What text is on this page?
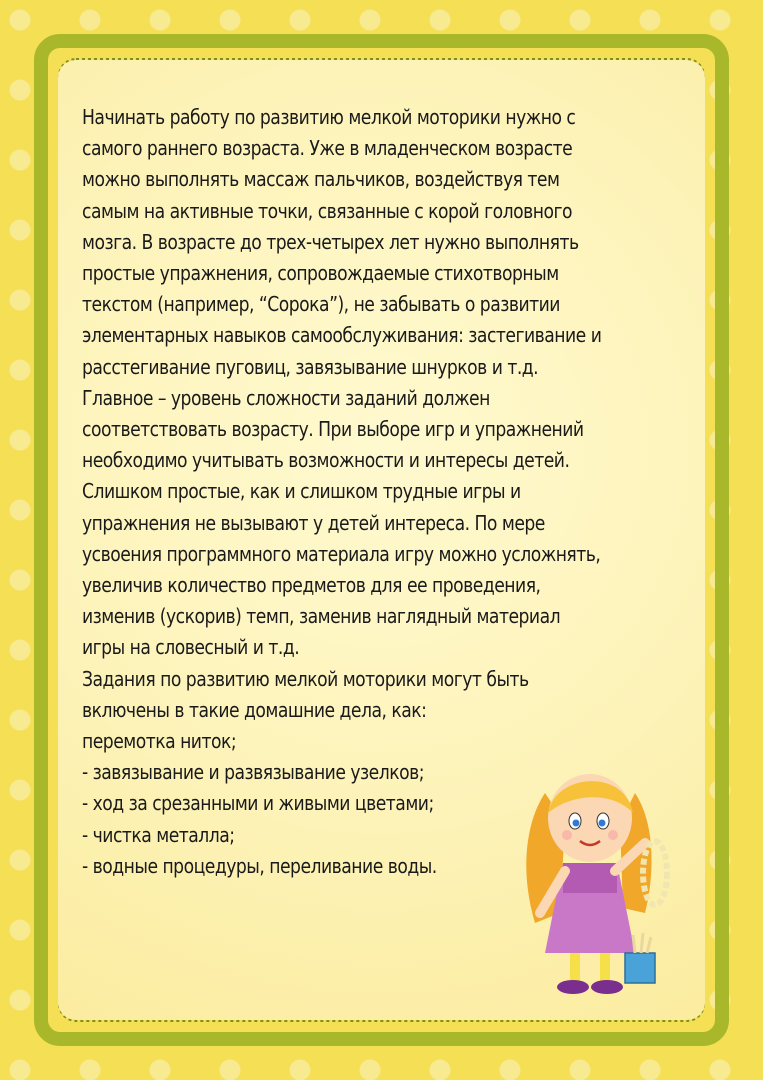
Начинать работу по развитию мелкой моторики нужно с самого раннего возраста. Уже в младенческом возрасте можно выполнять массаж пальчиков, воздействуя тем самым на активные точки, связанные с корой головного мозга. В возрасте до трех-четырех лет нужно выполнять простые упражнения, сопровождаемые стихотворным текстом (например, “Сорока”), не забывать о развитии элементарных навыков самообслуживания: застегивание и расстегивание пуговиц, завязывание шнурков и т.д.

Главное – уровень сложности заданий должен соответствовать возрасту. При выборе игр и упражнений необходимо учитывать возможности и интересы детей. Слишком простые, как и слишком трудные игры и упражнения не вызывают у детей интереса. По мере усвоения программного материала игру можно усложнять, увеличив количество предметов для ее проведения, изменив (ускорив) темп, заменив наглядный материал игры на словесный и т.д.

Задания по развитию мелкой моторики могут быть включены в такие домашние дела, как:

перемотка ниток;

- завязывание и развязывание узелков;

- ход за срезанными и живыми цветами;

- чистка металла;

- водные процедуры, переливание воды.
